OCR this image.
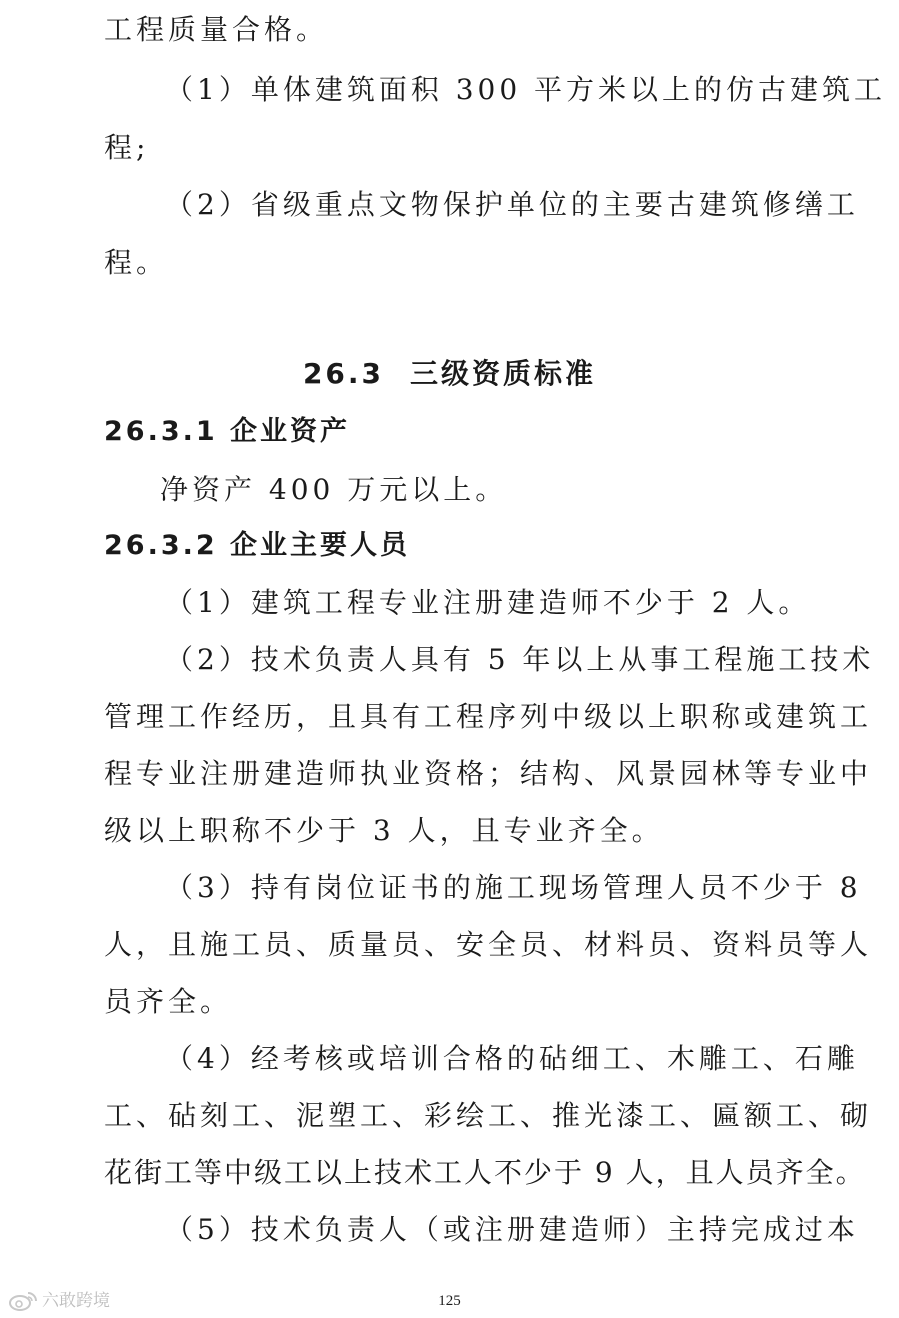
工程质量合格。
（1）单体建筑面积 300 平方米以上的仿古建筑工
程;
（2）省级重点文物保护单位的主要古建筑修缮工
程。
26.3 三级资质标准
26.3.1 企业资产
净资产 400 万元以上。
26.3.2 企业主要人员
（1）建筑工程专业注册建造师不少于 2 人。
（2）技术负责人具有 5 年以上从事工程施工技术
管理工作经历，且具有工程序列中级以上职称或建筑工
程专业注册建造师执业资格；结构、风景园林等专业中
级以上职称不少于 3 人，且专业齐全。
（3）持有岗位证书的施工现场管理人员不少于 8
人，且施工员、质量员、安全员、材料员、资料员等人
员齐全。
（4）经考核或培训合格的砧细工、木雕工、石雕
工、砧刻工、泥塑工、彩绘工、推光漆工、匾额工、砌
花街工等中级工以上技术工人不少于 9 人，且人员齐全。
（5）技术负责人（或注册建造师）主持完成过本
125
六敢跨境
